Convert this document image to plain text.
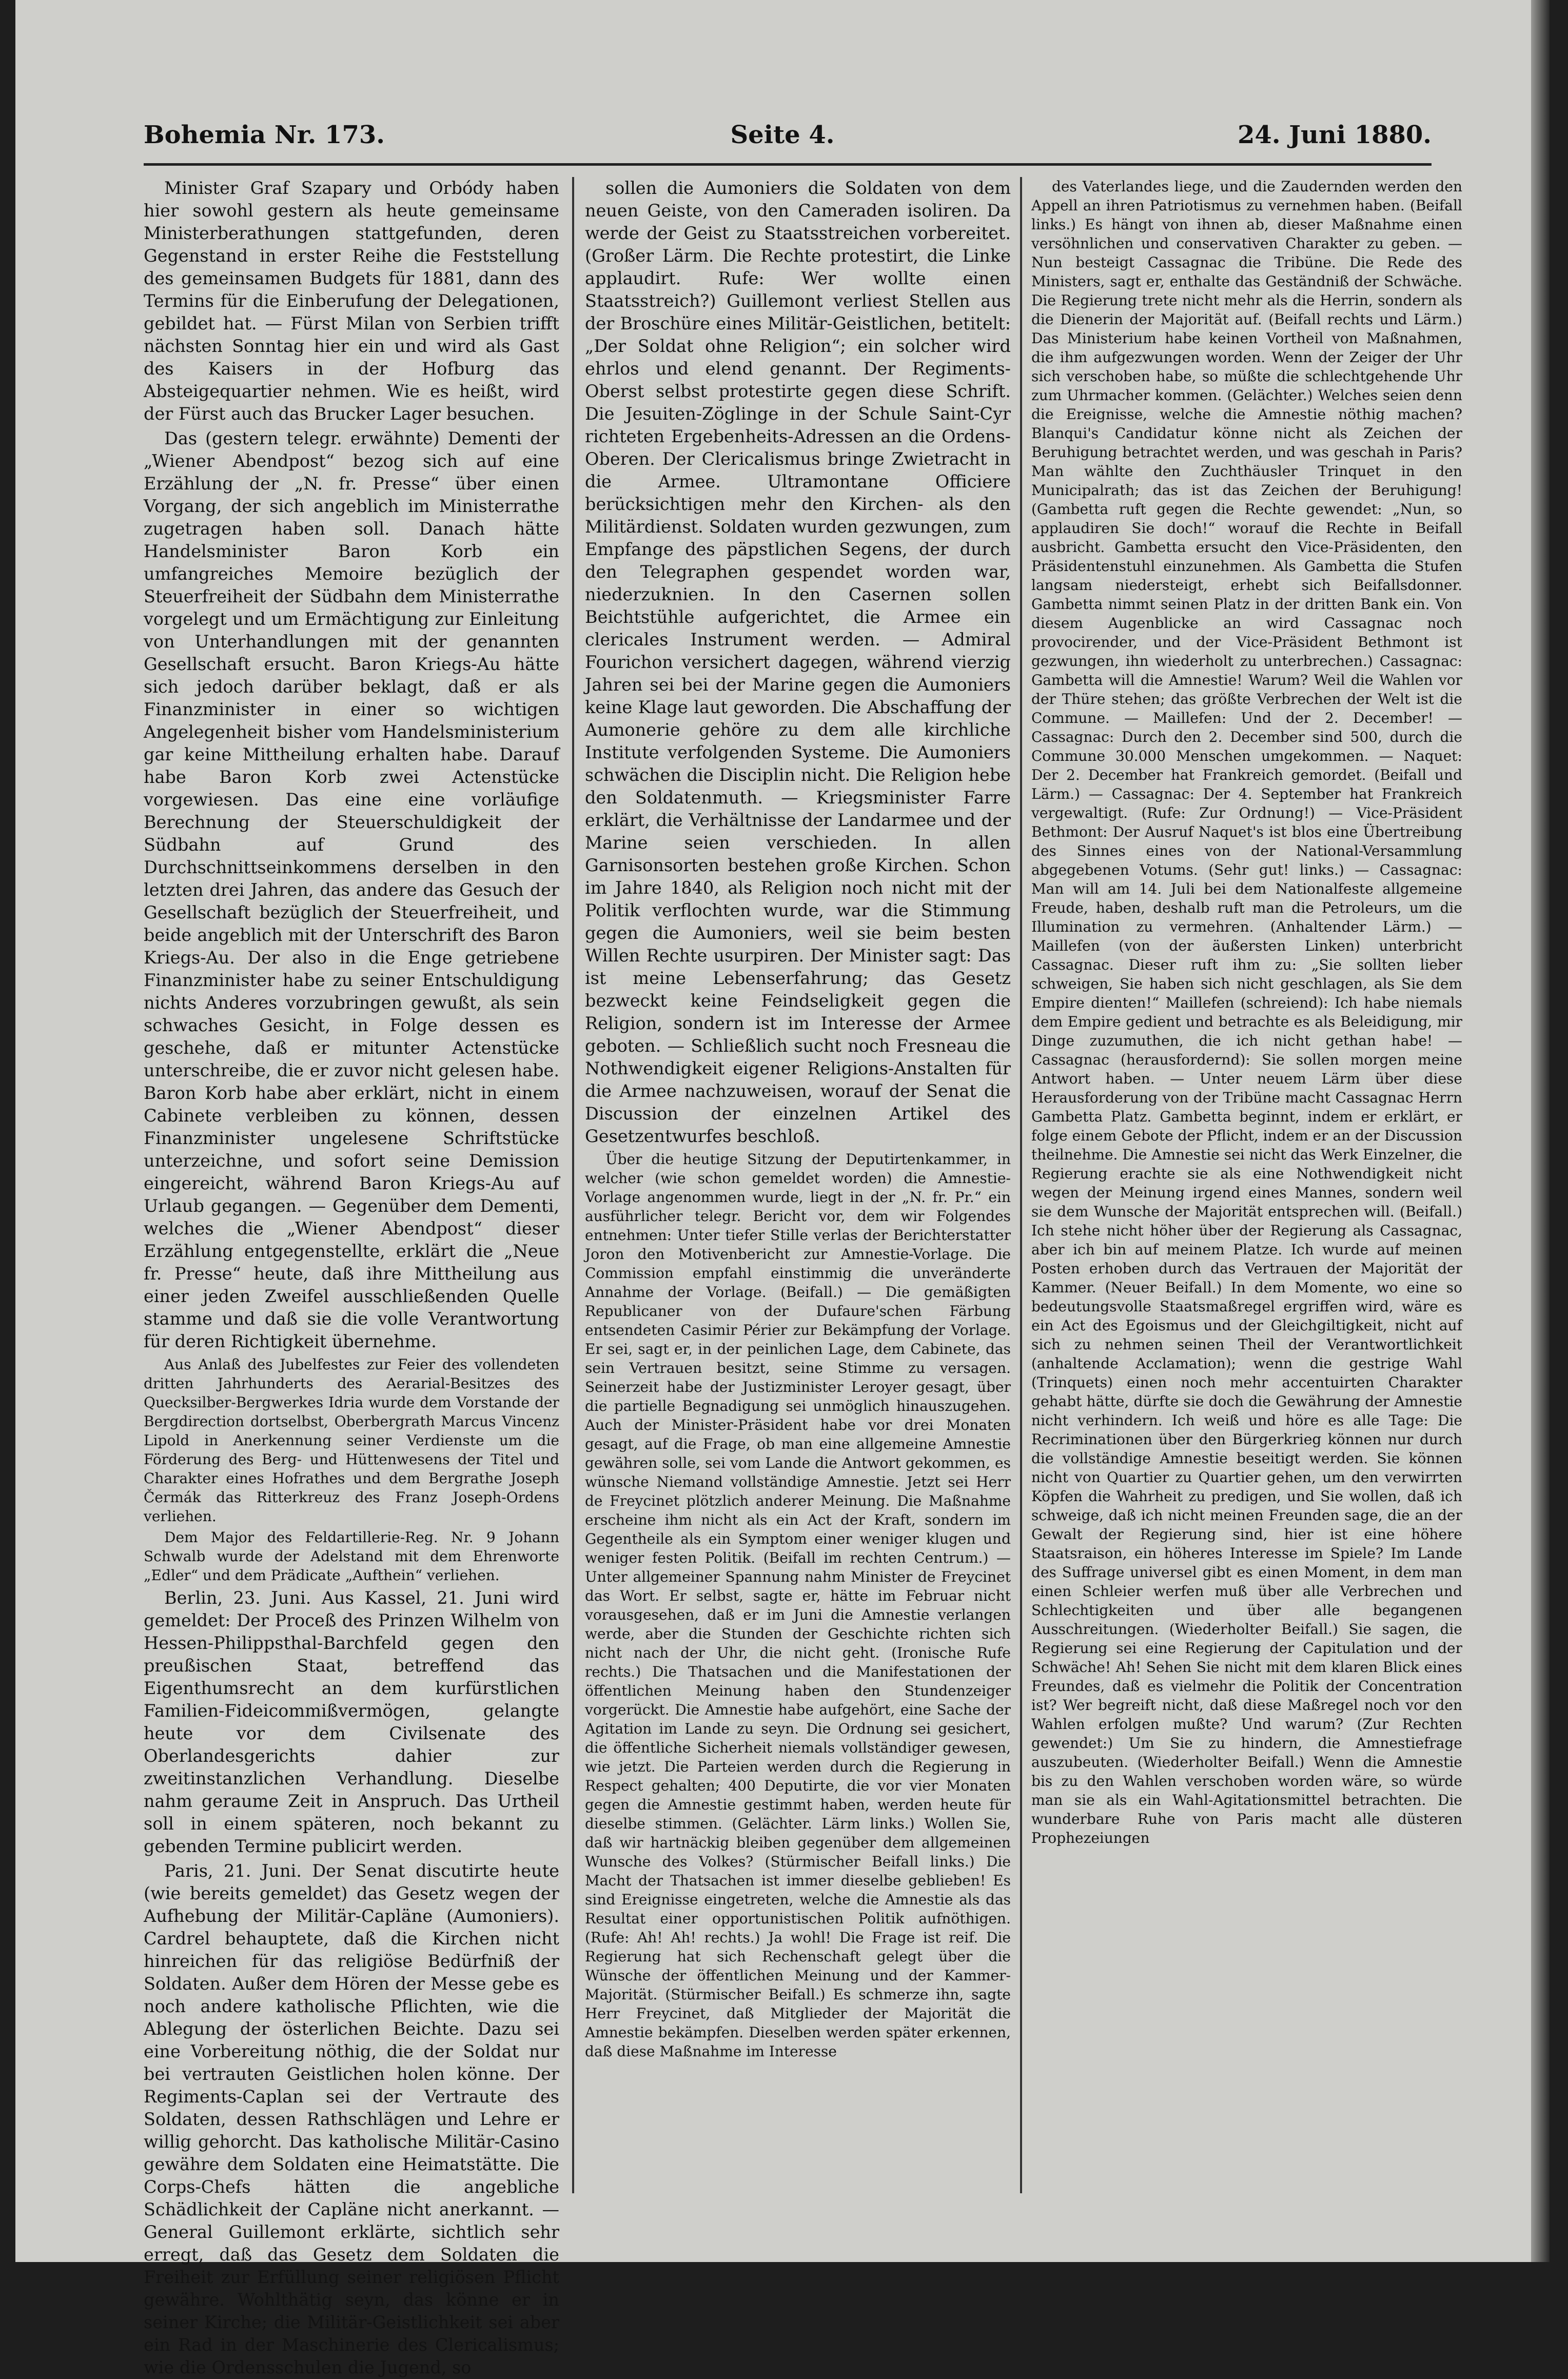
Bohemia Nr. 173.	Seite 4.	24. Juni 1880.

Minister Graf Szapary und Orbódy haben hier sowohl gestern als heute gemeinsame Ministerberathungen stattgefunden, deren Gegenstand in erster Reihe die Feststellung des gemeinsamen Budgets für 1881, dann des Termins für die Einberufung der Delegationen, gebildet hat. — Fürst Milan von Serbien trifft nächsten Sonntag hier ein und wird als Gast des Kaisers in der Hofburg das Absteigequartier nehmen. Wie es heißt, wird der Fürst auch das Brucker Lager besuchen.

Das (gestern telegr. erwähnte) Dementi der „Wiener Abendpost“ bezog sich auf eine Erzählung der „N. fr. Presse“ über einen Vorgang, der sich angeblich im Ministerrathe zugetragen haben soll. Danach hätte Handelsminister Baron Korb ein umfangreiches Memoire bezüglich der Steuerfreiheit der Südbahn dem Ministerrathe vorgelegt und um Ermächtigung zur Einleitung von Unterhandlungen mit der genannten Gesellschaft ersucht. Baron Kriegs-Au hätte sich jedoch darüber beklagt, daß er als Finanzminister in einer so wichtigen Angelegenheit bisher vom Handelsministerium gar keine Mittheilung erhalten habe. Darauf habe Baron Korb zwei Actenstücke vorgewiesen. Das eine eine vorläufige Berechnung der Steuerschuldigkeit der Südbahn auf Grund des Durchschnittseinkommens derselben in den letzten drei Jahren, das andere das Gesuch der Gesellschaft bezüglich der Steuerfreiheit, und beide angeblich mit der Unterschrift des Baron Kriegs-Au. Der also in die Enge getriebene Finanzminister habe zu seiner Entschuldigung nichts Anderes vorzubringen gewußt, als sein schwaches Gesicht, in Folge dessen es geschehe, daß er mitunter Actenstücke unterschreibe, die er zuvor nicht gelesen habe. Baron Korb habe aber erklärt, nicht in einem Cabinete verbleiben zu können, dessen Finanzminister ungelesene Schriftstücke unterzeichne, und sofort seine Demission eingereicht, während Baron Kriegs-Au auf Urlaub gegangen. — Gegenüber dem Dementi, welches die „Wiener Abendpost“ dieser Erzählung entgegenstellte, erklärt die „Neue fr. Presse“ heute, daß ihre Mittheilung aus einer jeden Zweifel ausschließenden Quelle stamme und daß sie die volle Verantwortung für deren Richtigkeit übernehme.

Aus Anlaß des Jubelfestes zur Feier des vollendeten dritten Jahrhunderts des Aerarial-Besitzes des Quecksilber-Bergwerkes Idria wurde dem Vorstande der Bergdirection dortselbst, Oberbergrath Marcus Vincenz Lipold in Anerkennung seiner Verdienste um die Förderung des Berg- und Hüttenwesens der Titel und Charakter eines Hofrathes und dem Bergrathe Joseph Čermák das Ritterkreuz des Franz Joseph-Ordens verliehen.

Dem Major des Feldartillerie-Reg. Nr. 9 Johann Schwalb wurde der Adelstand mit dem Ehrenworte „Edler“ und dem Prädicate „Aufthein“ verliehen.

Berlin, 23. Juni. Aus Kassel, 21. Juni wird gemeldet: Der Proceß des Prinzen Wilhelm von Hessen-Philippsthal-Barchfeld gegen den preußischen Staat, betreffend das Eigenthumsrecht an dem kurfürstlichen Familien-Fideicommißvermögen, gelangte heute vor dem Civilsenate des Oberlandesgerichts dahier zur zweitinstanzlichen Verhandlung. Dieselbe nahm geraume Zeit in Anspruch. Das Urtheil soll in einem späteren, noch bekannt zu gebenden Termine publicirt werden.

Paris, 21. Juni. Der Senat discutirte heute (wie bereits gemeldet) das Gesetz wegen der Aufhebung der Militär-Capläne (Aumoniers). Cardrel behauptete, daß die Kirchen nicht hinreichen für das religiöse Bedürfniß der Soldaten. Außer dem Hören der Messe gebe es noch andere katholische Pflichten, wie die Ablegung der österlichen Beichte. Dazu sei eine Vorbereitung nöthig, die der Soldat nur bei vertrauten Geistlichen holen könne. Der Regiments-Caplan sei der Vertraute des Soldaten, dessen Rathschlägen und Lehre er willig gehorcht. Das katholische Militär-Casino gewähre dem Soldaten eine Heimatstätte. Die Corps-Chefs hätten die angebliche Schädlichkeit der Capläne nicht anerkannt. — General Guillemont erklärte, sichtlich sehr erregt, daß das Gesetz dem Soldaten die Freiheit zur Erfüllung seiner religiösen Pflicht gewähre. Wohlthätig seyn, das könne er in seiner Kirche; die Militär-Geistlichkeit sei aber ein Rad in der Maschinerie des Clericalismus; wie die Ordensschulen die Jugend, so

sollen die Aumoniers die Soldaten von dem neuen Geiste, von den Cameraden isoliren. Da werde der Geist zu Staatsstreichen vorbereitet. (Großer Lärm. Die Rechte protestirt, die Linke applaudirt. Rufe: Wer wollte einen Staatsstreich?) Guillemont verliest Stellen aus der Broschüre eines Militär-Geistlichen, betitelt: „Der Soldat ohne Religion“; ein solcher wird ehrlos und elend genannt. Der Regiments-Oberst selbst protestirte gegen diese Schrift. Die Jesuiten-Zöglinge in der Schule Saint-Cyr richteten Ergebenheits-Adressen an die Ordens-Oberen. Der Clericalismus bringe Zwietracht in die Armee. Ultramontane Officiere berücksichtigen mehr den Kirchen- als den Militärdienst. Soldaten wurden gezwungen, zum Empfange des päpstlichen Segens, der durch den Telegraphen gespendet worden war, niederzuknien. In den Casernen sollen Beichtstühle aufgerichtet, die Armee ein clericales Instrument werden. — Admiral Fourichon versichert dagegen, während vierzig Jahren sei bei der Marine gegen die Aumoniers keine Klage laut geworden. Die Abschaffung der Aumonerie gehöre zu dem alle kirchliche Institute verfolgenden Systeme. Die Aumoniers schwächen die Disciplin nicht. Die Religion hebe den Soldatenmuth. — Kriegsminister Farre erklärt, die Verhältnisse der Landarmee und der Marine seien verschieden. In allen Garnisonsorten bestehen große Kirchen. Schon im Jahre 1840, als Religion noch nicht mit der Politik verflochten wurde, war die Stimmung gegen die Aumoniers, weil sie beim besten Willen Rechte usurpiren. Der Minister sagt: Das ist meine Lebenserfahrung; das Gesetz bezweckt keine Feindseligkeit gegen die Religion, sondern ist im Interesse der Armee geboten. — Schließlich sucht noch Fresneau die Nothwendigkeit eigener Religions-Anstalten für die Armee nachzuweisen, worauf der Senat die Discussion der einzelnen Artikel des Gesetzentwurfes beschloß.

Über die heutige Sitzung der Deputirtenkammer, in welcher (wie schon gemeldet worden) die Amnestie-Vorlage angenommen wurde, liegt in der „N. fr. Pr.“ ein ausführlicher telegr. Bericht vor, dem wir Folgendes entnehmen: Unter tiefer Stille verlas der Berichterstatter Joron den Motivenbericht zur Amnestie-Vorlage. Die Commission empfahl einstimmig die unveränderte Annahme der Vorlage. (Beifall.) — Die gemäßigten Republicaner von der Dufaure'schen Färbung entsendeten Casimir Périer zur Bekämpfung der Vorlage. Er sei, sagt er, in der peinlichen Lage, dem Cabinete, das sein Vertrauen besitzt, seine Stimme zu versagen. Seinerzeit habe der Justizminister Leroyer gesagt, über die partielle Begnadigung sei unmöglich hinauszugehen. Auch der Minister-Präsident habe vor drei Monaten gesagt, auf die Frage, ob man eine allgemeine Amnestie gewähren solle, sei vom Lande die Antwort gekommen, es wünsche Niemand vollständige Amnestie. Jetzt sei Herr de Freycinet plötzlich anderer Meinung. Die Maßnahme erscheine ihm nicht als ein Act der Kraft, sondern im Gegentheile als ein Symptom einer weniger klugen und weniger festen Politik. (Beifall im rechten Centrum.) — Unter allgemeiner Spannung nahm Minister de Freycinet das Wort. Er selbst, sagte er, hätte im Februar nicht vorausgesehen, daß er im Juni die Amnestie verlangen werde, aber die Stunden der Geschichte richten sich nicht nach der Uhr, die nicht geht. (Ironische Rufe rechts.) Die Thatsachen und die Manifestationen der öffentlichen Meinung haben den Stundenzeiger vorgerückt. Die Amnestie habe aufgehört, eine Sache der Agitation im Lande zu seyn. Die Ordnung sei gesichert, die öffentliche Sicherheit niemals vollständiger gewesen, wie jetzt. Die Parteien werden durch die Regierung in Respect gehalten; 400 Deputirte, die vor vier Monaten gegen die Amnestie gestimmt haben, werden heute für dieselbe stimmen. (Gelächter. Lärm links.) Wollen Sie, daß wir hartnäckig bleiben gegenüber dem allgemeinen Wunsche des Volkes? (Stürmischer Beifall links.) Die Macht der Thatsachen ist immer dieselbe geblieben! Es sind Ereignisse eingetreten, welche die Amnestie als das Resultat einer opportunistischen Politik aufnöthigen. (Rufe: Ah! Ah! rechts.) Ja wohl! Die Frage ist reif. Die Regierung hat sich Rechenschaft gelegt über die Wünsche der öffentlichen Meinung und der Kammer-Majorität. (Stürmischer Beifall.) Es schmerze ihn, sagte Herr Freycinet, daß Mitglieder der Majorität die Amnestie bekämpfen. Dieselben werden später erkennen, daß diese Maßnahme im Interesse

des Vaterlandes liege, und die Zaudernden werden den Appell an ihren Patriotismus zu vernehmen haben. (Beifall links.) Es hängt von ihnen ab, dieser Maßnahme einen versöhnlichen und conservativen Charakter zu geben. — Nun besteigt Cassagnac die Tribüne. Die Rede des Ministers, sagt er, enthalte das Geständniß der Schwäche. Die Regierung trete nicht mehr als die Herrin, sondern als die Dienerin der Majorität auf. (Beifall rechts und Lärm.) Das Ministerium habe keinen Vortheil von Maßnahmen, die ihm aufgezwungen worden. Wenn der Zeiger der Uhr sich verschoben habe, so müßte die schlechtgehende Uhr zum Uhrmacher kommen. (Gelächter.) Welches seien denn die Ereignisse, welche die Amnestie nöthig machen? Blanqui's Candidatur könne nicht als Zeichen der Beruhigung betrachtet werden, und was geschah in Paris? Man wählte den Zuchthäusler Trinquet in den Municipalrath; das ist das Zeichen der Beruhigung! (Gambetta ruft gegen die Rechte gewendet: „Nun, so applaudiren Sie doch!“ worauf die Rechte in Beifall ausbricht. Gambetta ersucht den Vice-Präsidenten, den Präsidentenstuhl einzunehmen. Als Gambetta die Stufen langsam niedersteigt, erhebt sich Beifallsdonner. Gambetta nimmt seinen Platz in der dritten Bank ein. Von diesem Augenblicke an wird Cassagnac noch provocirender, und der Vice-Präsident Bethmont ist gezwungen, ihn wiederholt zu unterbrechen.) Cassagnac: Gambetta will die Amnestie! Warum? Weil die Wahlen vor der Thüre stehen; das größte Verbrechen der Welt ist die Commune. — Maillefen: Und der 2. December! — Cassagnac: Durch den 2. December sind 500, durch die Commune 30.000 Menschen umgekommen. — Naquet: Der 2. December hat Frankreich gemordet. (Beifall und Lärm.) — Cassagnac: Der 4. September hat Frankreich vergewaltigt. (Rufe: Zur Ordnung!) — Vice-Präsident Bethmont: Der Ausruf Naquet's ist blos eine Übertreibung des Sinnes eines von der National-Versammlung abgegebenen Votums. (Sehr gut! links.) — Cassagnac: Man will am 14. Juli bei dem Nationalfeste allgemeine Freude, haben, deshalb ruft man die Petroleurs, um die Illumination zu vermehren. (Anhaltender Lärm.) — Maillefen (von der äußersten Linken) unterbricht Cassagnac. Dieser ruft ihm zu: „Sie sollten lieber schweigen, Sie haben sich nicht geschlagen, als Sie dem Empire dienten!“ Maillefen (schreiend): Ich habe niemals dem Empire gedient und betrachte es als Beleidigung, mir Dinge zuzumuthen, die ich nicht gethan habe! — Cassagnac (herausfordernd): Sie sollen morgen meine Antwort haben. — Unter neuem Lärm über diese Herausforderung von der Tribüne macht Cassagnac Herrn Gambetta Platz. Gambetta beginnt, indem er erklärt, er folge einem Gebote der Pflicht, indem er an der Discussion theilnehme. Die Amnestie sei nicht das Werk Einzelner, die Regierung erachte sie als eine Nothwendigkeit nicht wegen der Meinung irgend eines Mannes, sondern weil sie dem Wunsche der Majorität entsprechen will. (Beifall.) Ich stehe nicht höher über der Regierung als Cassagnac, aber ich bin auf meinem Platze. Ich wurde auf meinen Posten erhoben durch das Vertrauen der Majorität der Kammer. (Neuer Beifall.) In dem Momente, wo eine so bedeutungsvolle Staatsmaßregel ergriffen wird, wäre es ein Act des Egoismus und der Gleichgiltigkeit, nicht auf sich zu nehmen seinen Theil der Verantwortlichkeit (anhaltende Acclamation); wenn die gestrige Wahl (Trinquets) einen noch mehr accentuirten Charakter gehabt hätte, dürfte sie doch die Gewährung der Amnestie nicht verhindern. Ich weiß und höre es alle Tage: Die Recriminationen über den Bürgerkrieg können nur durch die vollständige Amnestie beseitigt werden. Sie können nicht von Quartier zu Quartier gehen, um den verwirrten Köpfen die Wahrheit zu predigen, und Sie wollen, daß ich schweige, daß ich nicht meinen Freunden sage, die an der Gewalt der Regierung sind, hier ist eine höhere Staatsraison, ein höheres Interesse im Spiele? Im Lande des Suffrage universel gibt es einen Moment, in dem man einen Schleier werfen muß über alle Verbrechen und Schlechtigkeiten und über alle begangenen Ausschreitungen. (Wiederholter Beifall.) Sie sagen, die Regierung sei eine Regierung der Capitulation und der Schwäche! Ah! Sehen Sie nicht mit dem klaren Blick eines Freundes, daß es vielmehr die Politik der Concentration ist? Wer begreift nicht, daß diese Maßregel noch vor den Wahlen erfolgen mußte? Und warum? (Zur Rechten gewendet:) Um Sie zu hindern, die Amnestiefrage auszubeuten. (Wiederholter Beifall.) Wenn die Amnestie bis zu den Wahlen verschoben worden wäre, so würde man sie als ein Wahl-Agitationsmittel betrachten. Die wunderbare Ruhe von Paris macht alle düsteren Prophezeiungen
